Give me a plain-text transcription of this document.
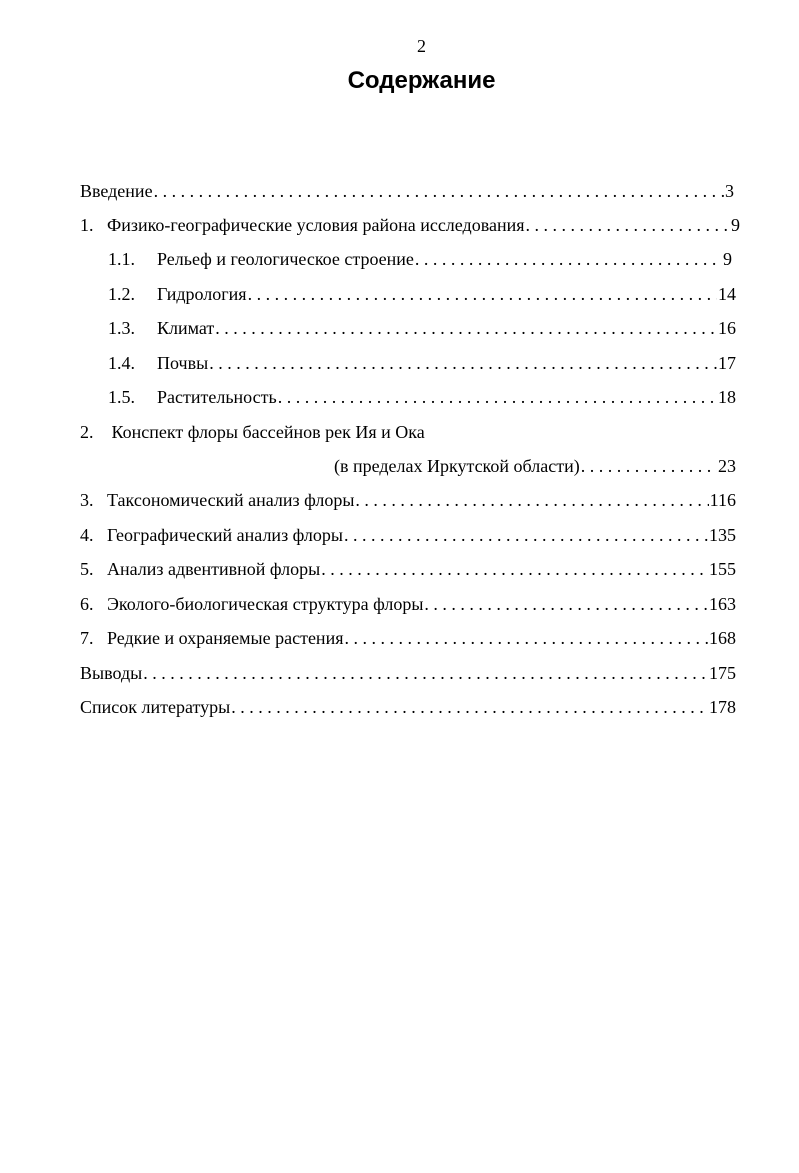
2
Содержание
Введение . . .	3
1. Физико-географические условия района исследования . . .	9
1.1.	Рельеф и геологическое строение . . .	9
1.2.	Гидрология . . .	14
1.3.	Климат . . .	16
1.4.	Почвы . . .	17
1.5.	Растительность . . .	18
2. Конспект флоры бассейнов рек Ия и Ока
(в пределах Иркутской области) . . .	23
3. Таксономический анализ флоры . . .	116
4. Географический анализ флоры . . .	135
5. Анализ адвентивной флоры . . .	155
6. Эколого-биологическая структура флоры . . .	163
7. Редкие и охраняемые растения . . .	168
Выводы . . .	175
Список литературы . . .	178
